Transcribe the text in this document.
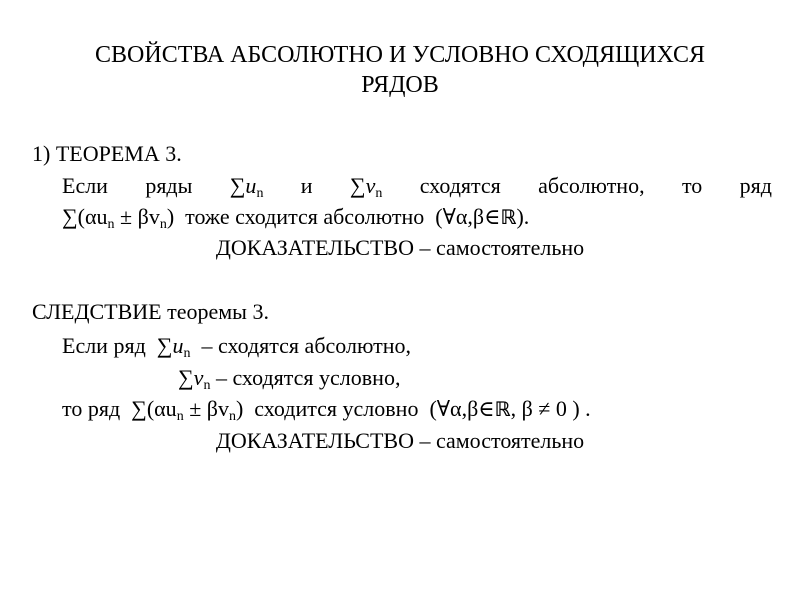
СВОЙСТВА АБСОЛЮТНО И УСЛОВНО СХОДЯЩИХСЯ
РЯДОВ
1) ТЕОРЕМА 3.
Если ряды $\sum u_n$ и $\sum v_n$ сходятся абсолютно, то ряд
$\sum(\alpha u_n \pm \beta v_n)$ тоже сходится абсолютно (∀α,β∈ℝ).
ДОКАЗАТЕЛЬСТВО – самостоятельно
СЛЕДСТВИЕ теоремы 3.
Если ряд $\sum u_n$ – сходятся абсолютно,
$\sum v_n$ – сходятся условно,
то ряд $\sum(\alpha u_n \pm \beta v_n)$ сходится условно (∀α,β∈ℝ, β ≠ 0 ) .
ДОКАЗАТЕЛЬСТВО – самостоятельно
